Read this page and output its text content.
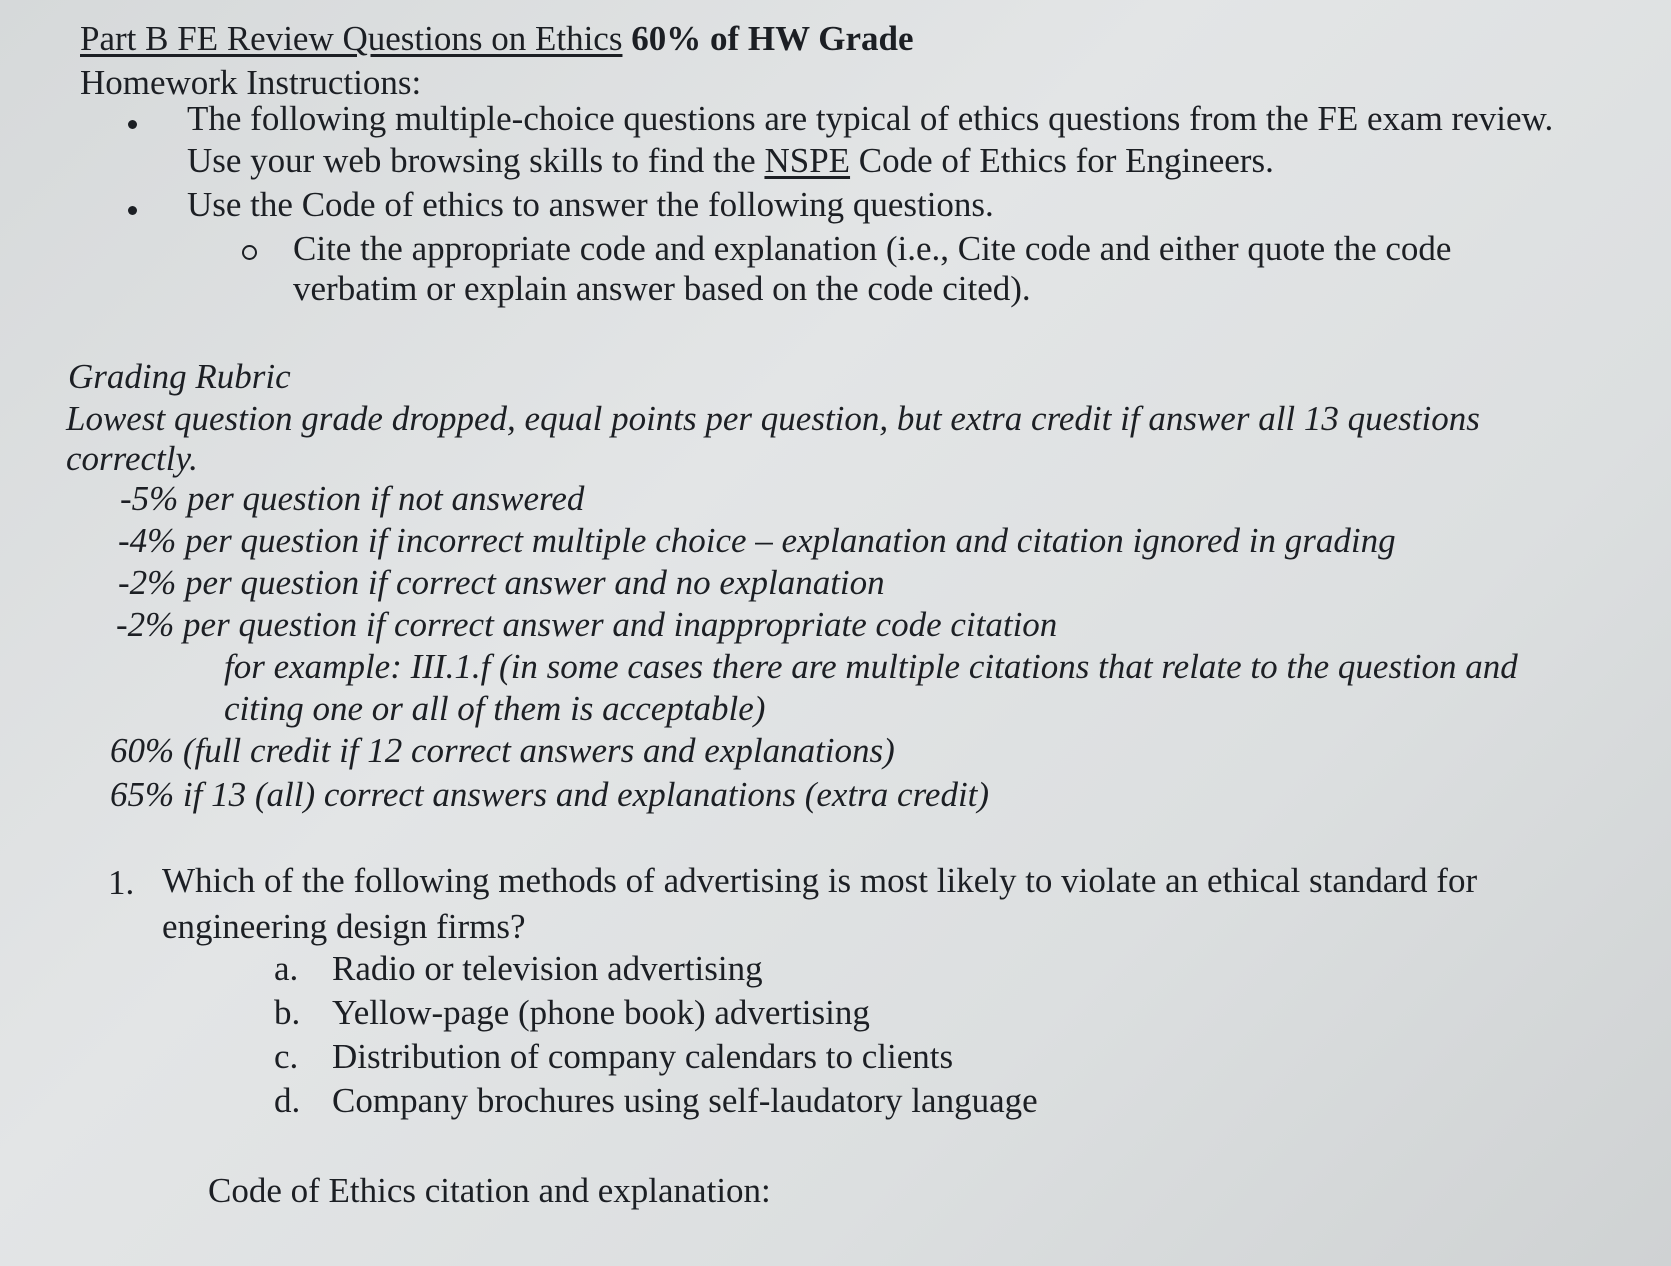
Part B FE Review Questions on Ethics 60% of HW Grade
Homework Instructions:
The following multiple-choice questions are typical of ethics questions from the FE exam review.
Use your web browsing skills to find the NSPE Code of Ethics for Engineers.
Use the Code of ethics to answer the following questions.
Cite the appropriate code and explanation (i.e., Cite code and either quote the code
verbatim or explain answer based on the code cited).
Grading Rubric
Lowest question grade dropped, equal points per question, but extra credit if answer all 13 questions
correctly.
-5% per question if not answered
-4% per question if incorrect multiple choice – explanation and citation ignored in grading
-2% per question if correct answer and no explanation
-2% per question if correct answer and inappropriate code citation
for example: III.1.f (in some cases there are multiple citations that relate to the question and
citing one or all of them is acceptable)
60% (full credit if 12 correct answers and explanations)
65% if 13 (all) correct answers and explanations (extra credit)
1. Which of the following methods of advertising is most likely to violate an ethical standard for
engineering design firms?
a. Radio or television advertising
b. Yellow-page (phone book) advertising
c. Distribution of company calendars to clients
d. Company brochures using self-laudatory language
Code of Ethics citation and explanation:
